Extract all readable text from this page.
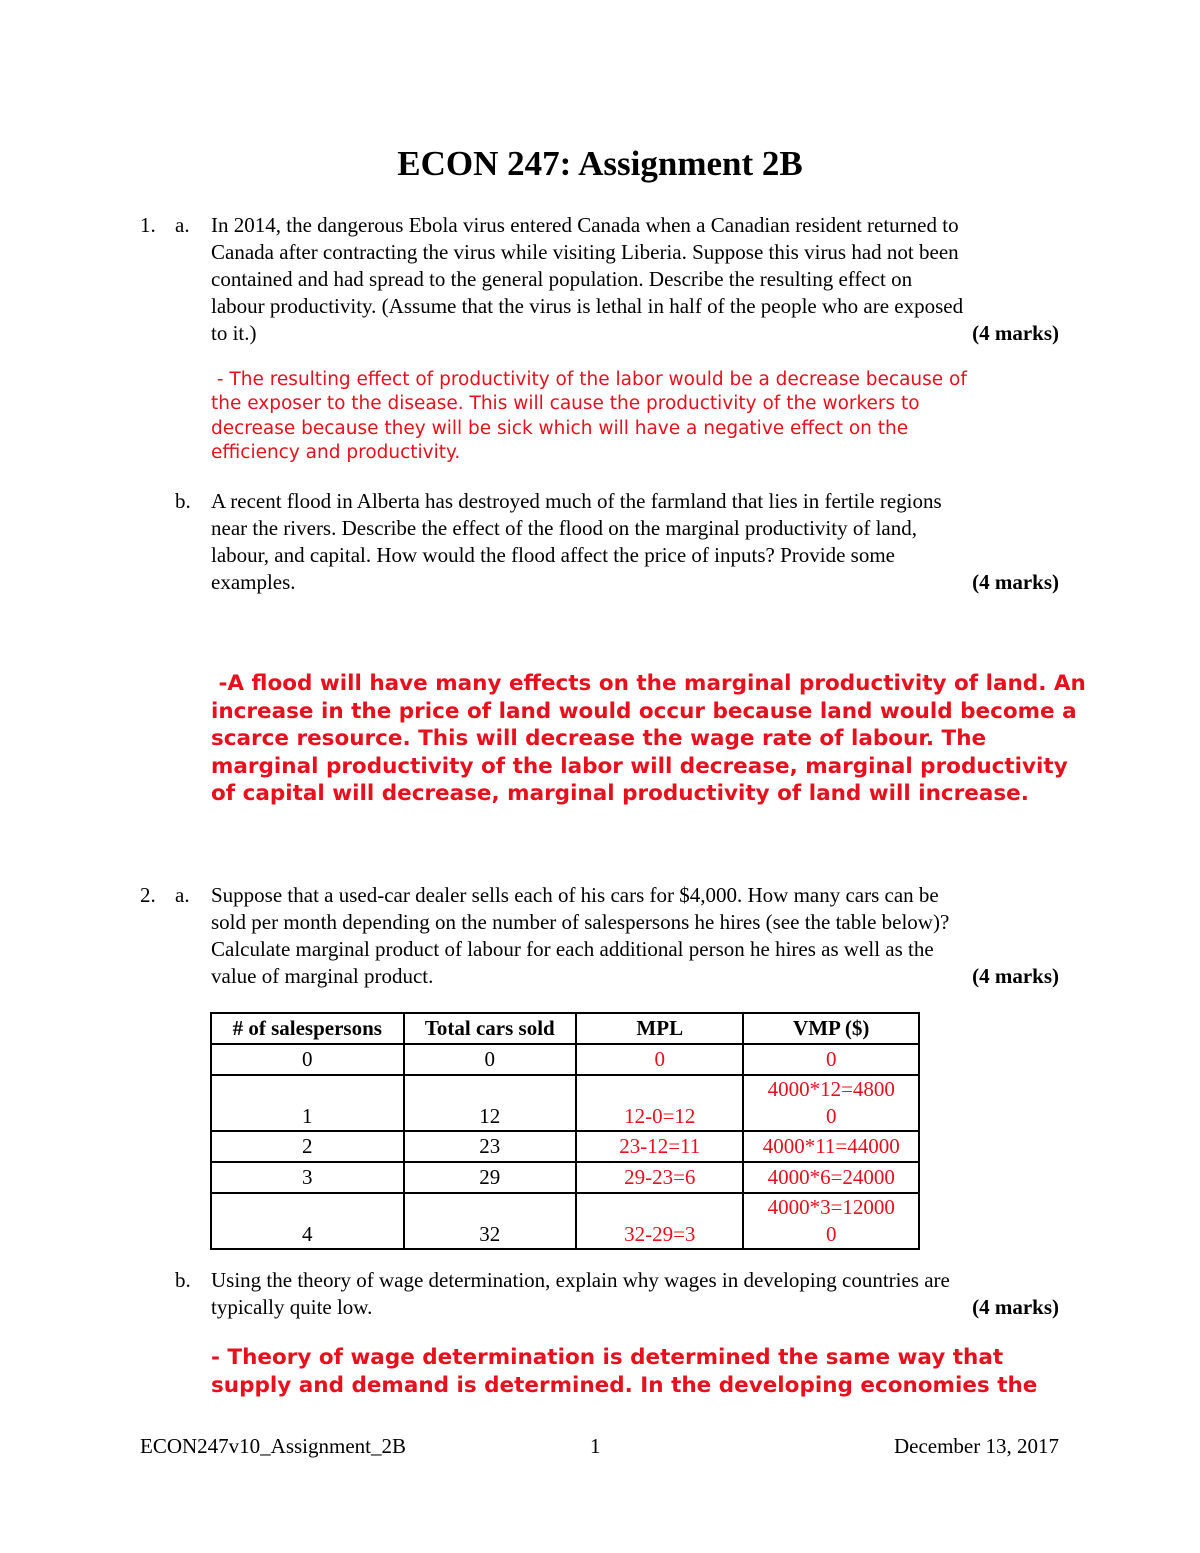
ECON 247: Assignment 2B
1. a. In 2014, the dangerous Ebola virus entered Canada when a Canadian resident returned to
Canada after contracting the virus while visiting Liberia. Suppose this virus had not been
contained and had spread to the general population. Describe the resulting effect on
labour productivity. (Assume that the virus is lethal in half of the people who are exposed
to it.)	(4 marks)
- The resulting effect of productivity of the labor would be a decrease because of
the exposer to the disease. This will cause the productivity of the workers to
decrease because they will be sick which will have a negative effect on the
efficiency and productivity.
b. A recent flood in Alberta has destroyed much of the farmland that lies in fertile regions
near the rivers. Describe the effect of the flood on the marginal productivity of land,
labour, and capital. How would the flood affect the price of inputs? Provide some
examples.	(4 marks)
-A flood will have many effects on the marginal productivity of land. An
increase in the price of land would occur because land would become a
scarce resource. This will decrease the wage rate of labour. The
marginal productivity of the labor will decrease, marginal productivity
of capital will decrease, marginal productivity of land will increase.
2. a. Suppose that a used-car dealer sells each of his cars for $4,000. How many cars can be
sold per month depending on the number of salespersons he hires (see the table below)?
Calculate marginal product of labour for each additional person he hires as well as the
value of marginal product.	(4 marks)
# of salespersons	Total cars sold	MPL	VMP ($)
0	0	0	0

1	12	12-0=12	4000*12=4800
0

2	23	23-12=11	4000*11=44000

3	29	29-23=6	4000*6=24000

4	32	32-29=3	4000*3=12000
0
b. Using the theory of wage determination, explain why wages in developing countries are
typically quite low.	(4 marks)
- Theory of wage determination is determined the same way that
supply and demand is determined. In the developing economies the
ECON247v10_Assignment_2B	1	December 13, 2017
